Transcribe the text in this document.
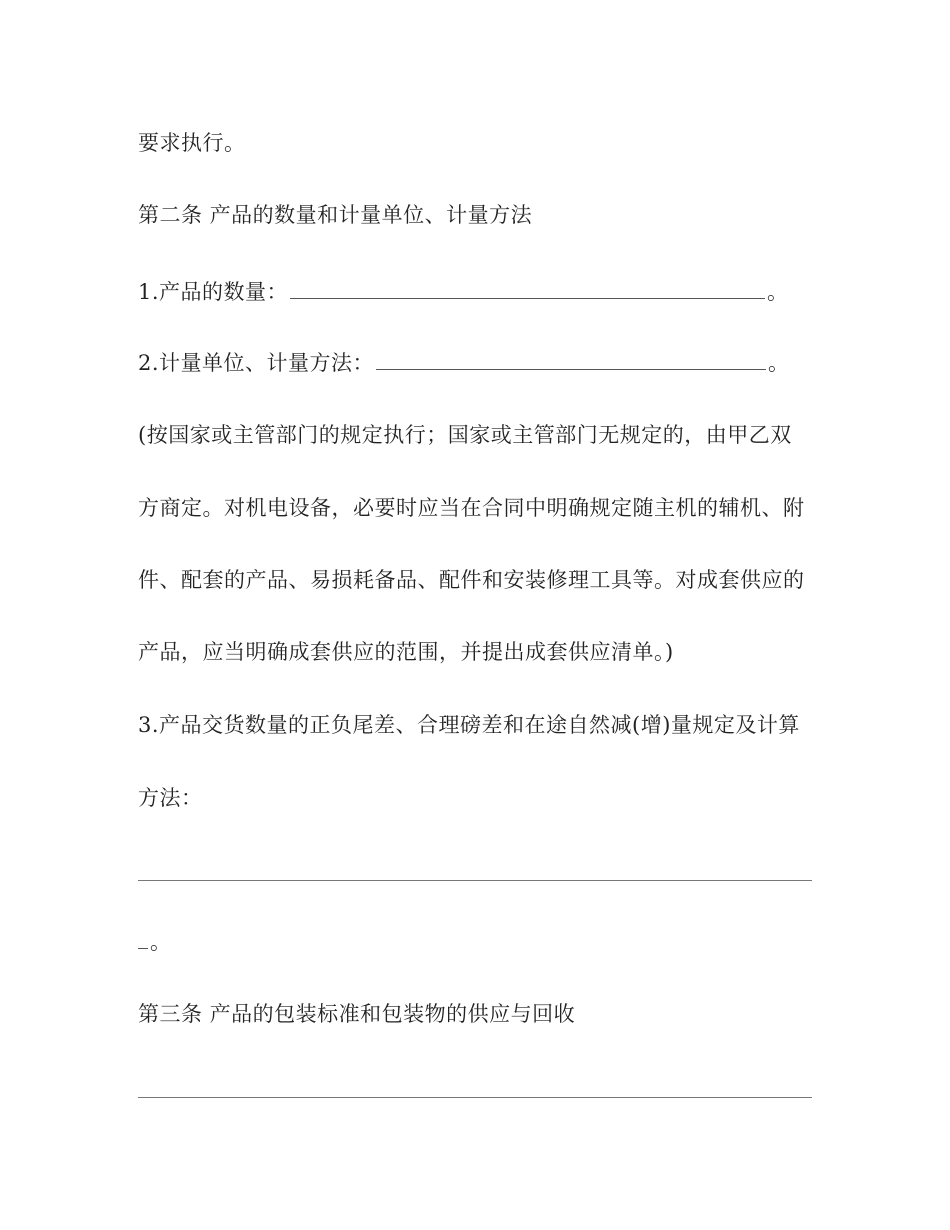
要求执行。
第二条 产品的数量和计量单位、计量方法
1.产品的数量：	。
2.计量单位、计量方法：	。
(按国家或主管部门的规定执行；国家或主管部门无规定的，由甲乙双
方商定。对机电设备，必要时应当在合同中明确规定随主机的辅机、附
件、配套的产品、易损耗备品、配件和安装修理工具等。对成套供应的
产品，应当明确成套供应的范围，并提出成套供应清单。)
3.产品交货数量的正负尾差、合理磅差和在途自然减(增)量规定及计算
方法：
。
第三条 产品的包装标准和包装物的供应与回收
